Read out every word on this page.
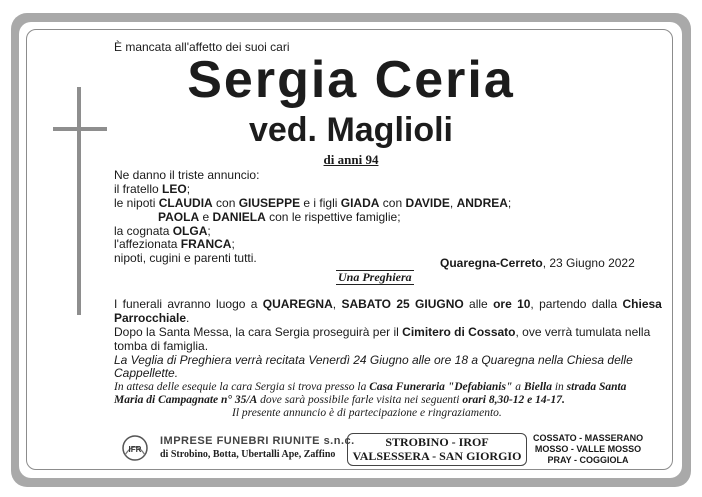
È mancata all'affetto dei suoi cari
Sergia Ceria
ved. Maglioli
di anni 94
Ne danno il triste annuncio:
il fratello LEO;
le nipoti CLAUDIA con GIUSEPPE e i figli GIADA con DAVIDE, ANDREA;
PAOLA e DANIELA con le rispettive famiglie;
la cognata OLGA;
l'affezionata FRANCA;
nipoti, cugini e parenti tutti.	Quaregna-Cerreto, 23 Giugno 2022
Una Preghiera
I funerali avranno luogo a QUAREGNA, SABATO 25 GIUGNO alle ore 10, partendo dalla Chiesa
Parrocchiale.
Dopo la Santa Messa, la cara Sergia proseguirà per il Cimitero di Cossato, ove verrà tumulata nella
tomba di famiglia.
La Veglia di Preghiera verrà recitata Venerdì 24 Giugno alle ore 18 a Quaregna nella Chiesa delle
Cappellette.
In attesa delle esequie la cara Sergia si trova presso la Casa Funeraria "Defabianis" a Biella in strada Santa
Maria di Campagnate n° 35/A dove sarà possibile farle visita nei seguenti orari 8,30-12 e 14-17.
Il presente annuncio è di partecipazione e ringraziamento.
IFR
IMPRESE FUNEBRI RIUNITE s.n.c.
di Strobino, Botta, Ubertalli Ape, Zaffino
STROBINO - IROF
VALSESSERA - SAN GIORGIO
COSSATO - MASSERANO
MOSSO - VALLE MOSSO
PRAY - COGGIOLA
